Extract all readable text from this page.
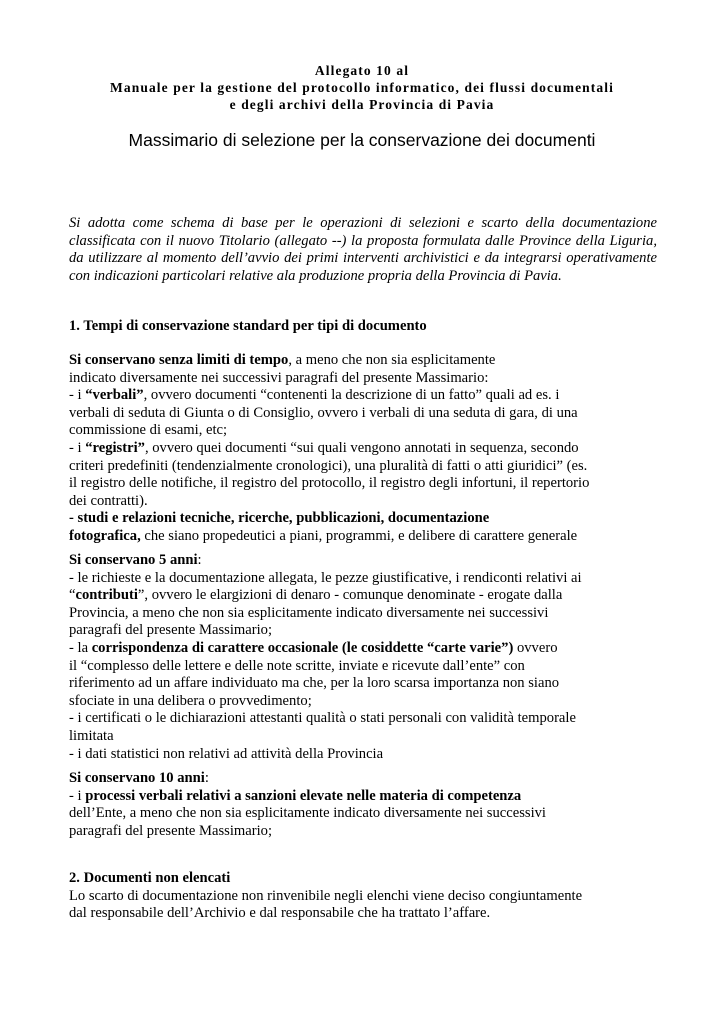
Allegato 10 al
Manuale per la gestione del protocollo informatico, dei flussi documentali
e degli archivi della Provincia di Pavia
Massimario di selezione per la conservazione dei documenti
Si adotta come schema di base per le operazioni di selezioni e scarto della documentazione
classificata con il nuovo Titolario (allegato --) la proposta formulata dalle Province della Liguria,
da utilizzare al momento dell’avvio dei primi interventi archivistici e da integrarsi operativamente
con indicazioni particolari relative ala produzione propria della Provincia di Pavia.
1. Tempi di conservazione standard per tipi di documento
Si conservano senza limiti di tempo, a meno che non sia esplicitamente
indicato diversamente nei successivi paragrafi del presente Massimario:
- i “verbali”, ovvero documenti “contenenti la descrizione di un fatto” quali ad es. i
verbali di seduta di Giunta o di Consiglio, ovvero i verbali di una seduta di gara, di una
commissione di esami, etc;
- i “registri”, ovvero quei documenti “sui quali vengono annotati in sequenza, secondo
criteri predefiniti (tendenzialmente cronologici), una pluralità di fatti o atti giuridici” (es.
il registro delle notifiche, il registro del protocollo, il registro degli infortuni, il repertorio
dei contratti).
- studi e relazioni tecniche, ricerche, pubblicazioni, documentazione
fotografica, che siano propedeutici a piani, programmi, e delibere di carattere generale
Si conservano 5 anni:
- le richieste e la documentazione allegata, le pezze giustificative, i rendiconti relativi ai
“contributi”, ovvero le elargizioni di denaro - comunque denominate - erogate dalla
Provincia, a meno che non sia esplicitamente indicato diversamente nei successivi
paragrafi del presente Massimario;
- la corrispondenza di carattere occasionale (le cosiddette “carte varie”) ovvero
il “complesso delle lettere e delle note scritte, inviate e ricevute dall’ente” con
riferimento ad un affare individuato ma che, per la loro scarsa importanza non siano
sfociate in una delibera o provvedimento;
- i certificati o le dichiarazioni attestanti qualità o stati personali con validità temporale
limitata
- i dati statistici non relativi ad attività della Provincia
Si conservano 10 anni:
- i processi verbali relativi a sanzioni elevate nelle materia di competenza
dell’Ente, a meno che non sia esplicitamente indicato diversamente nei successivi
paragrafi del presente Massimario;
2. Documenti non elencati
Lo scarto di documentazione non rinvenibile negli elenchi viene deciso congiuntamente
dal responsabile dell’Archivio e dal responsabile che ha trattato l’affare.
